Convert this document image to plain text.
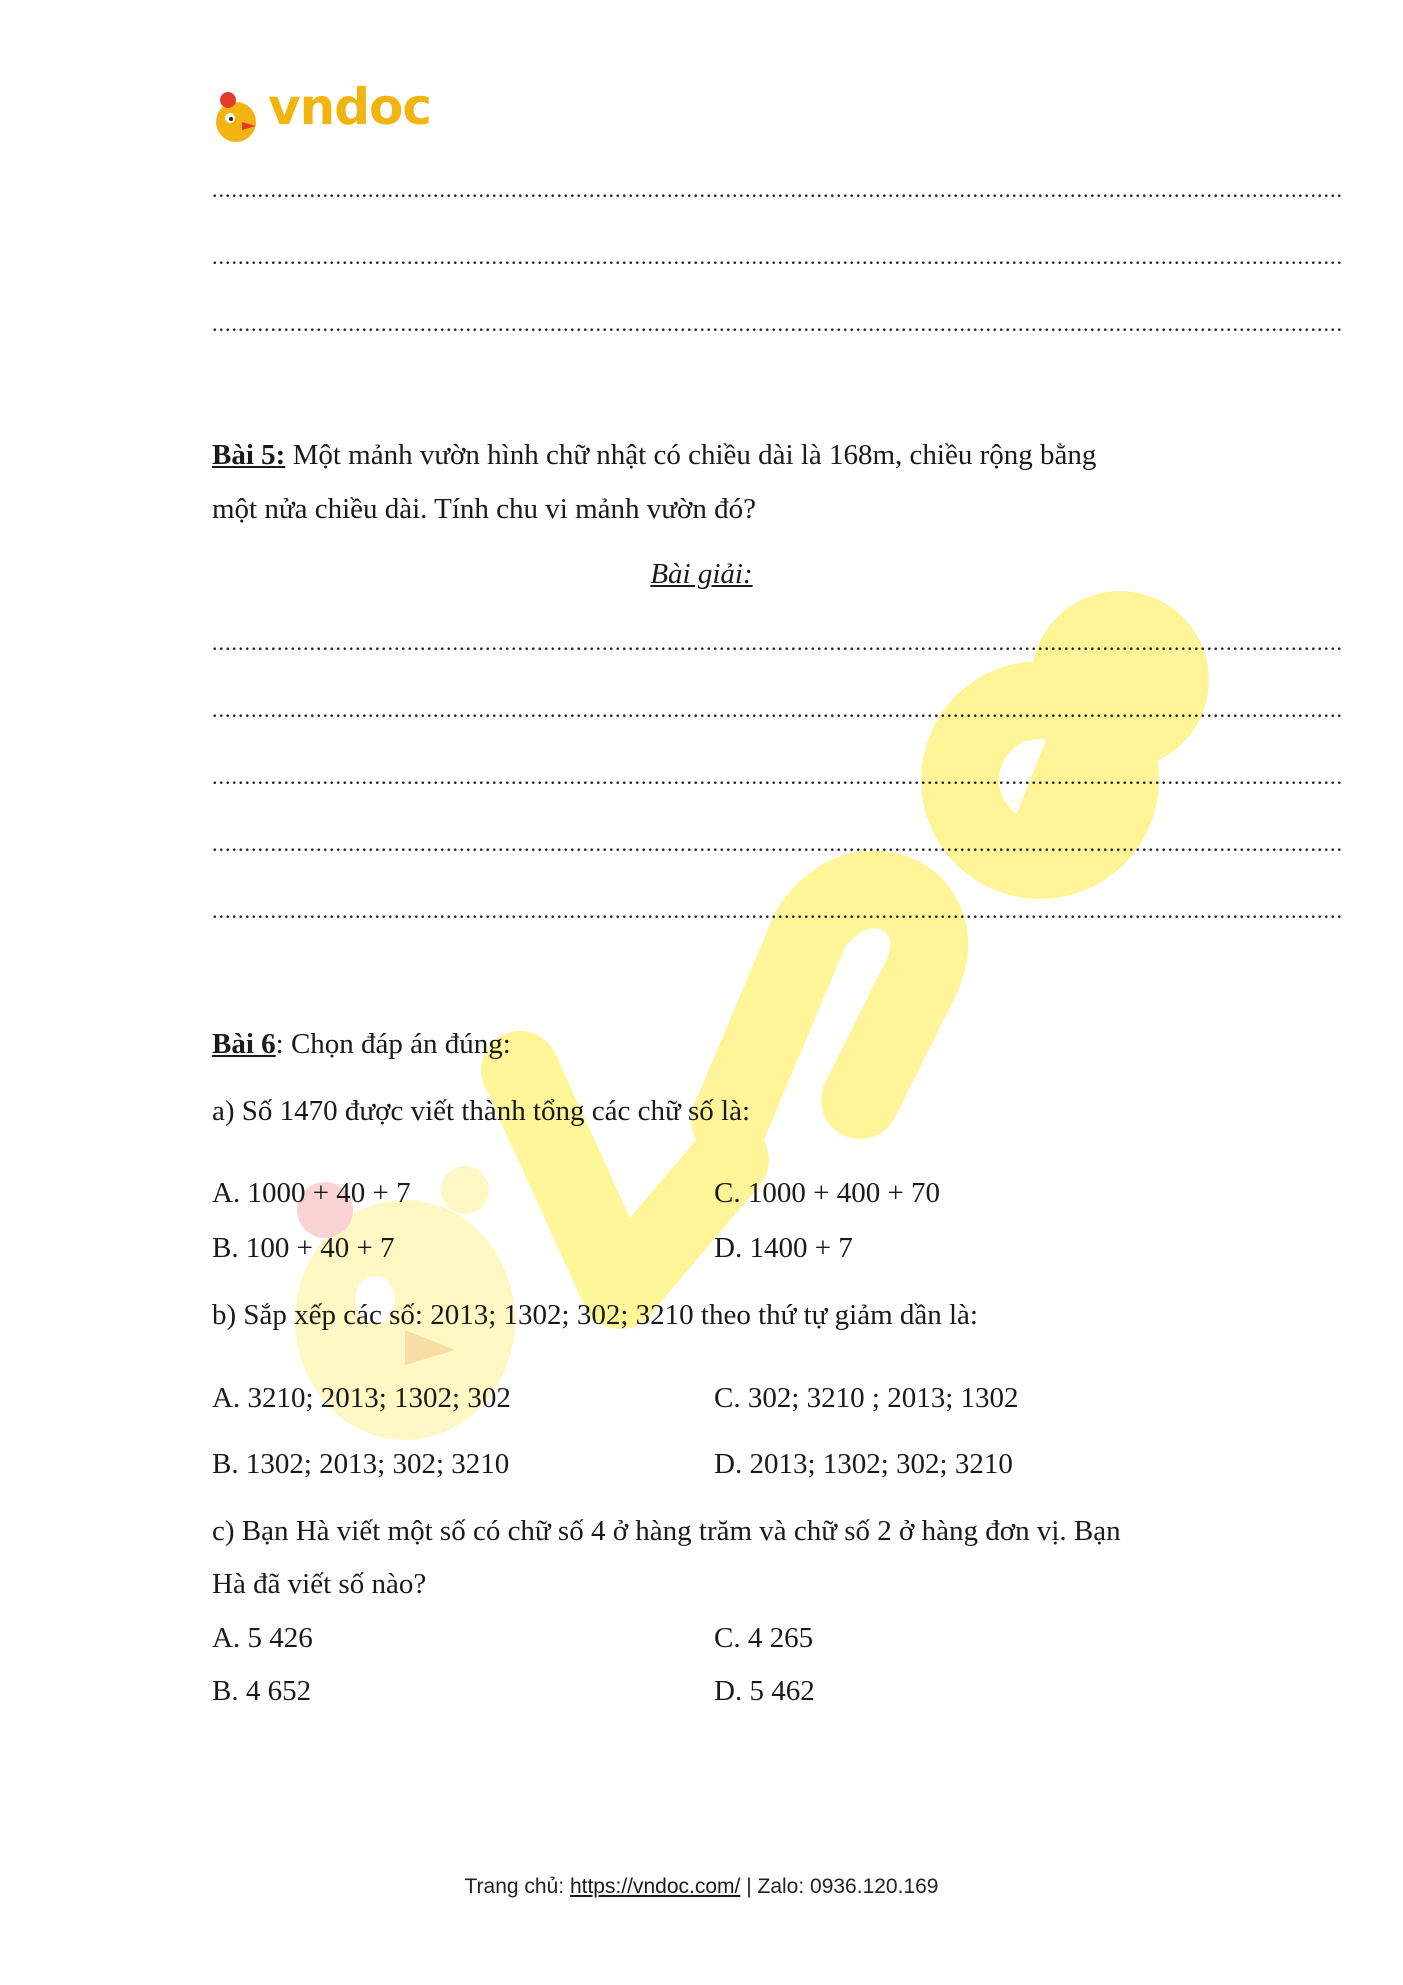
vndoc
..............................................................................................................................................................................
..............................................................................................................................................................................
..............................................................................................................................................................................
Bài 5: Một mảnh vườn hình chữ nhật có chiều dài là 168m, chiều rộng bằng
một nửa chiều dài. Tính chu vi mảnh vườn đó?
Bài giải:
..............................................................................................................................................................................
..............................................................................................................................................................................
..............................................................................................................................................................................
..............................................................................................................................................................................
..............................................................................................................................................................................
Bài 6: Chọn đáp án đúng:
a) Số 1470 được viết thành tổng các chữ số là:
A. 1000 + 40 + 7	C. 1000 + 400 + 70
B. 100 + 40 + 7	D. 1400 + 7
b) Sắp xếp các số: 2013; 1302; 302; 3210 theo thứ tự giảm dần là:
A. 3210; 2013; 1302; 302	C. 302; 3210 ; 2013; 1302
B. 1302; 2013; 302; 3210	D. 2013; 1302; 302; 3210
c) Bạn Hà viết một số có chữ số 4 ở hàng trăm và chữ số 2 ở hàng đơn vị. Bạn
Hà đã viết số nào?
A. 5 426	C. 4 265
B. 4 652	D. 5 462
Trang chủ: https://vndoc.com/ | Zalo: 0936.120.169
